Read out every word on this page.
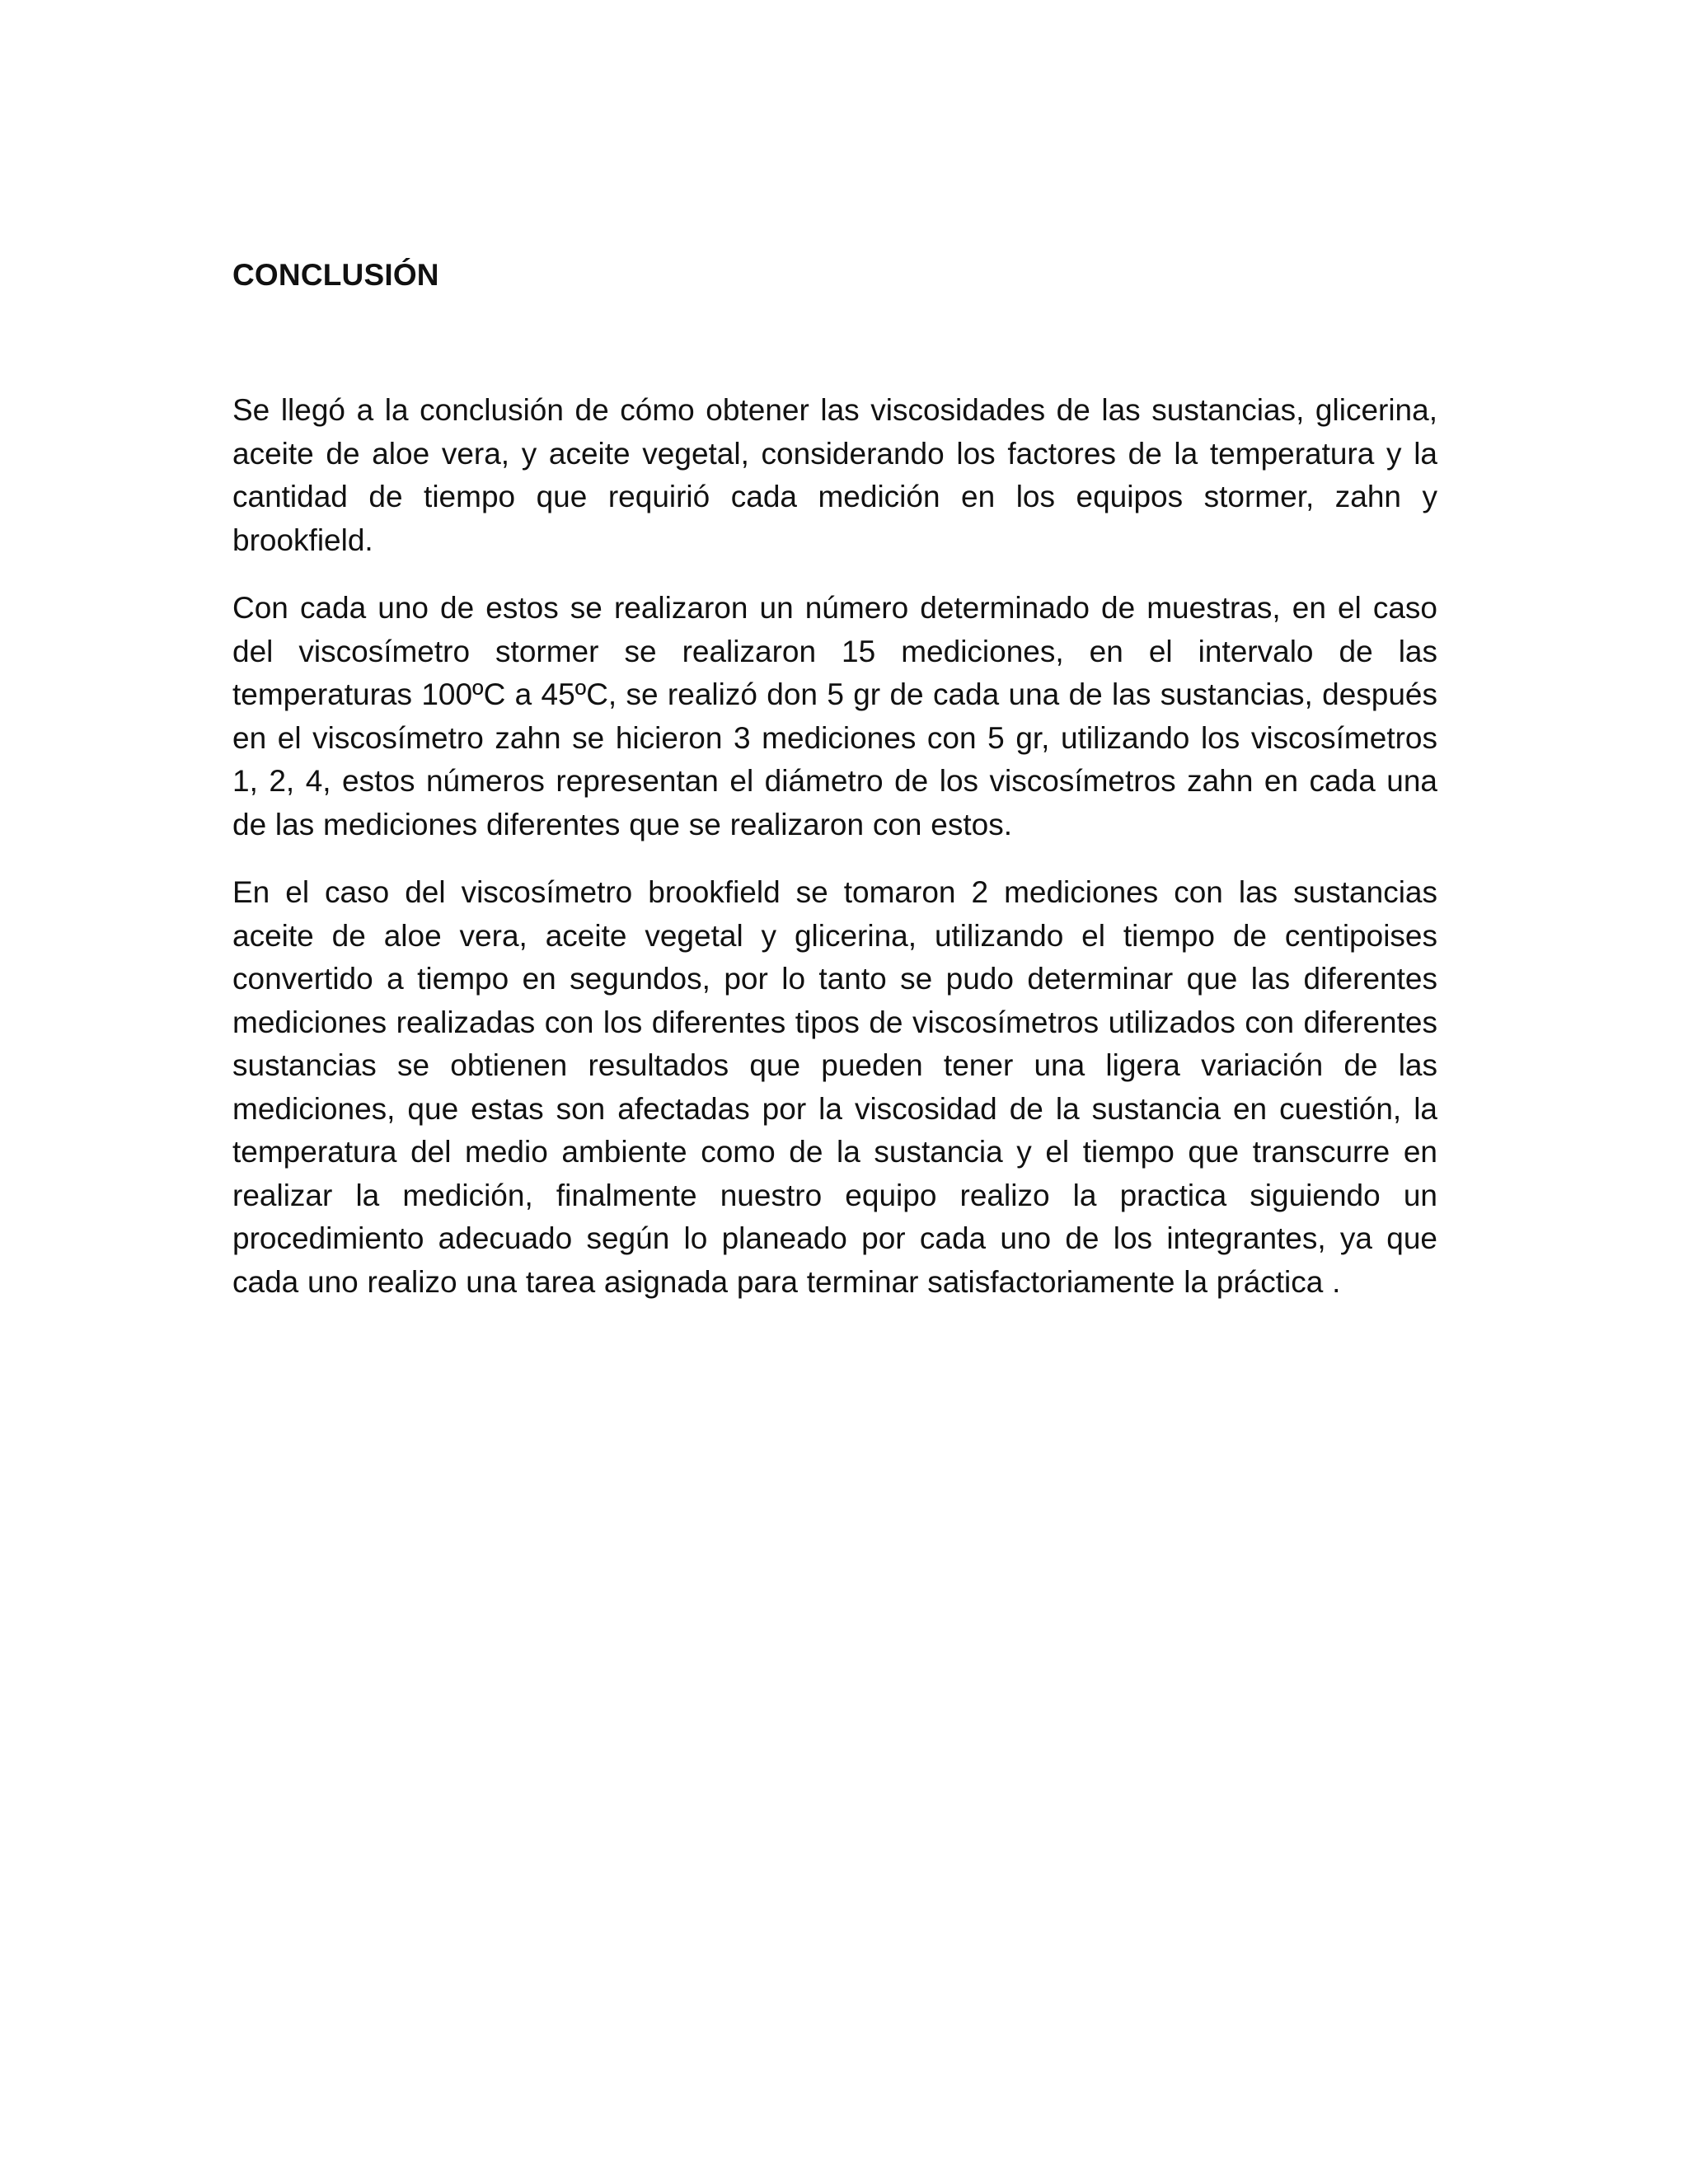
CONCLUSIÓN

Se llegó a la conclusión de cómo obtener las viscosidades de las sustancias, glicerina, aceite de aloe vera, y aceite vegetal, considerando los factores de la temperatura y la cantidad de tiempo que requirió cada medición en los equipos stormer, zahn y brookfield.

Con cada uno de estos se realizaron un número determinado de muestras, en el caso del viscosímetro stormer se realizaron 15 mediciones, en el intervalo de las temperaturas 100ºC a 45ºC, se realizó don 5 gr de cada una de las sustancias, después en el viscosímetro zahn se hicieron 3 mediciones con 5 gr, utilizando los viscosímetros 1, 2, 4, estos números representan el diámetro de los viscosímetros zahn en cada una de las mediciones diferentes que se realizaron con estos.

En el caso del viscosímetro brookfield se tomaron 2 mediciones con las sustancias aceite de aloe vera, aceite vegetal y glicerina, utilizando el tiempo de centipoises convertido a tiempo en segundos, por lo tanto se pudo determinar que las diferentes mediciones realizadas con los diferentes tipos de viscosímetros utilizados con diferentes sustancias se obtienen resultados que pueden tener una ligera variación de las mediciones, que estas son afectadas por la viscosidad de la sustancia en cuestión, la temperatura del medio ambiente como de la sustancia y el tiempo que transcurre en realizar la medición, finalmente nuestro equipo realizo la practica siguiendo un procedimiento adecuado según lo planeado por cada uno de los integrantes, ya que cada uno realizo una tarea asignada para terminar satisfactoriamente la práctica .
